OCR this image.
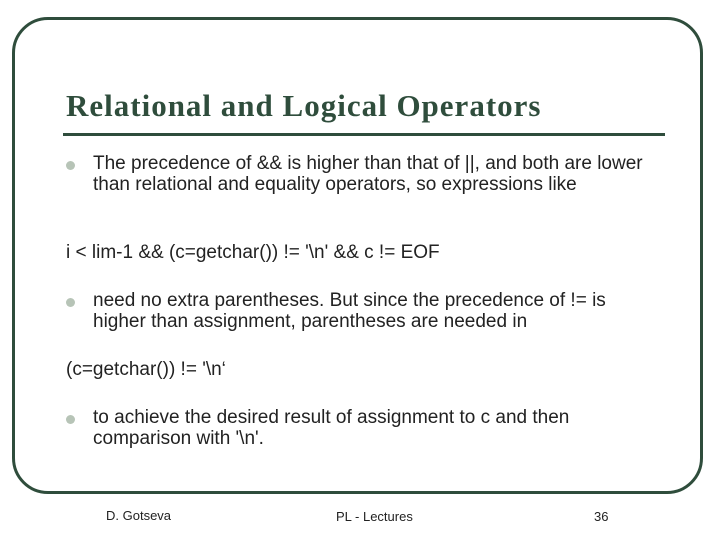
Relational and Logical Operators
The precedence of && is higher than that of ||, and both are lower than relational and equality operators, so expressions like
i < lim-1 && (c=getchar()) != '\n' && c != EOF
need no extra parentheses. But since the precedence of != is higher than assignment, parentheses are needed in
(c=getchar()) != '\n‘
to achieve the desired result of assignment to c and then comparison with '\n'.
D. Gotseva	PL - Lectures	36
